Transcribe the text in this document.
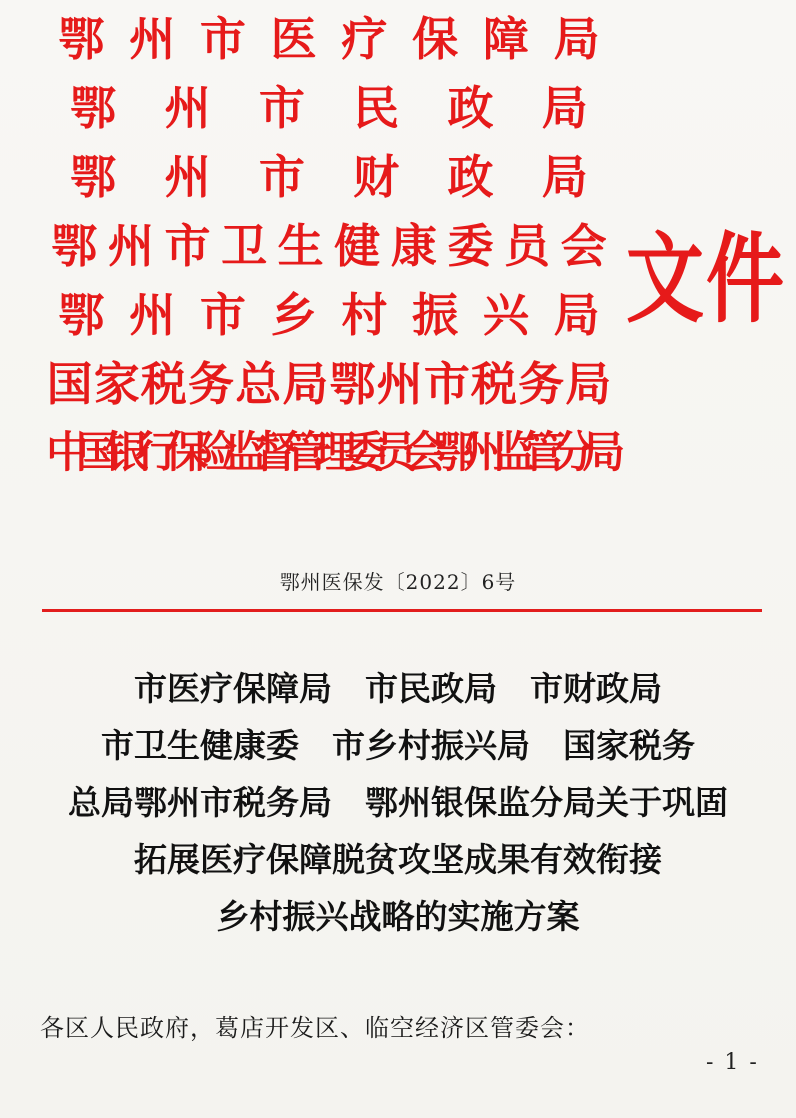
鄂 州 市 医 疗 保 障 局
鄂	州	市	民	政	局
鄂	州	市	财	政	局
鄂 州 市 卫 生 健 康 委 员 会
鄂 州 市 乡 村 振 兴 局
国 家 税 务 总 局 鄂 州 市 税 务 局
中
国
银
行
保
险
监
督
管
理
委
员
会
鄂
州
监
管
分
局
文件
鄂州医保发〔2022〕6号
市医疗保障局　市民政局　市财政局
市卫生健康委　市乡村振兴局　国家税务
总局鄂州市税务局　鄂州银保监分局关于巩固
拓展医疗保障脱贫攻坚成果有效衔接
乡村振兴战略的实施方案
各区人民政府，葛店开发区、临空经济区管委会：
- 1 -
